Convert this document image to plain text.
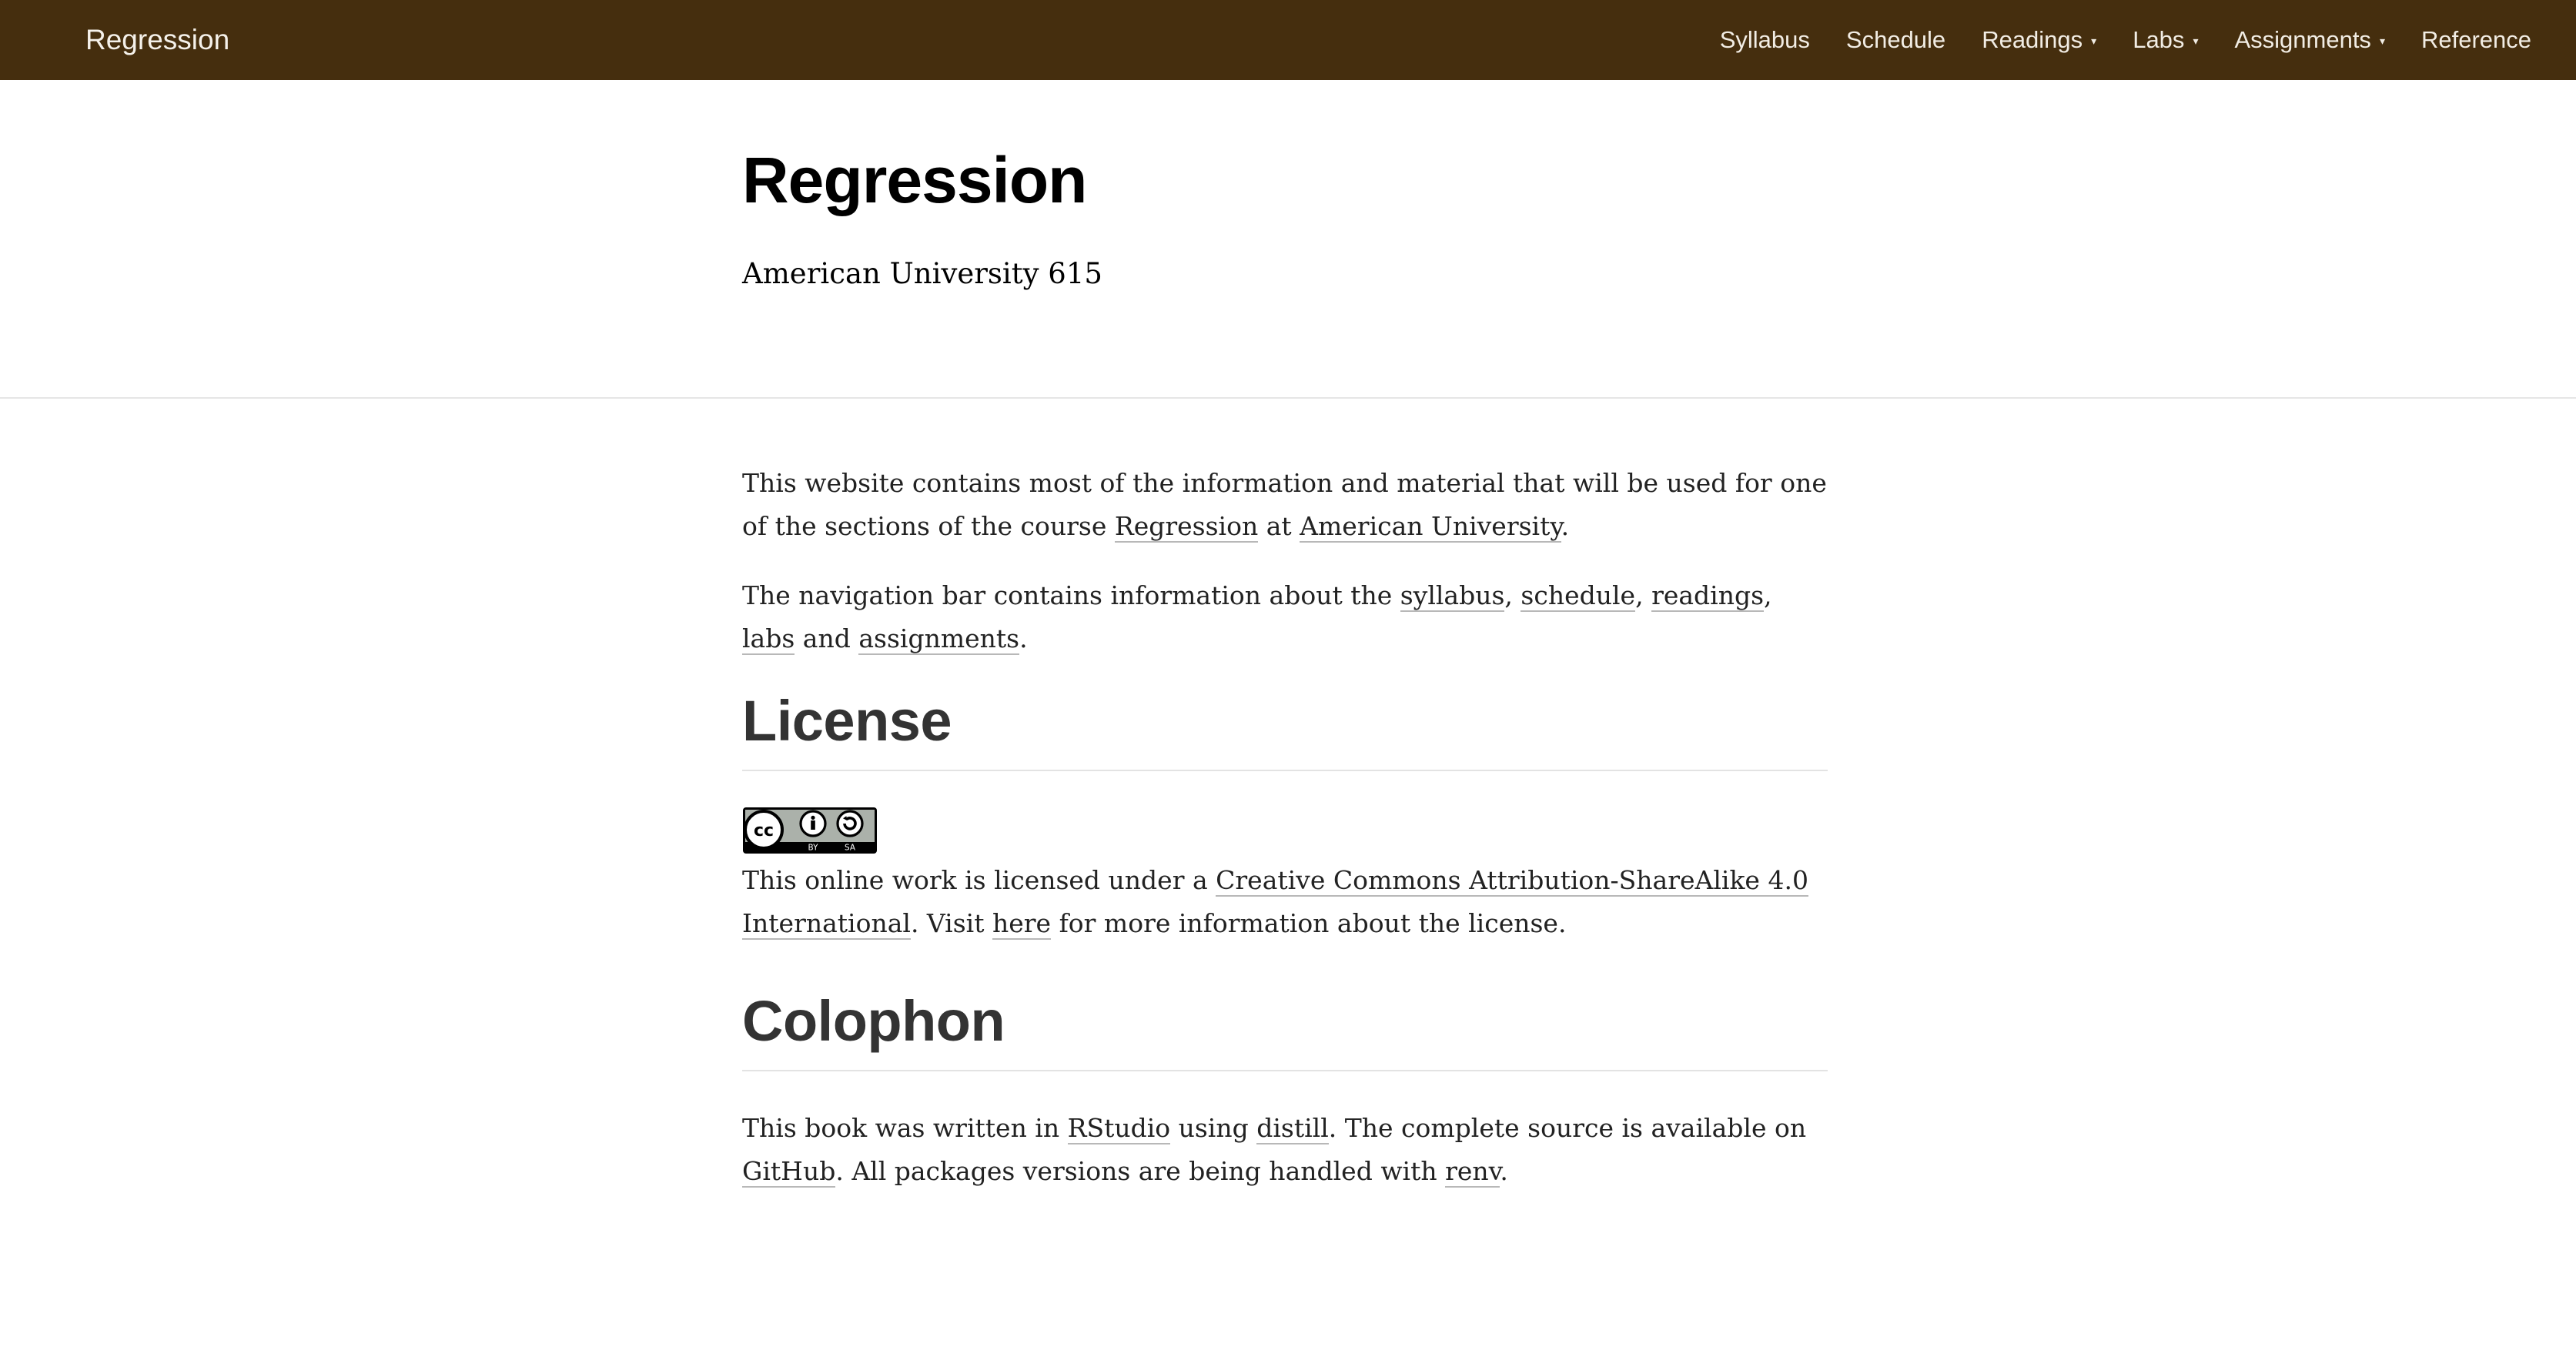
Regression	Syllabus Schedule Readings ▾ Labs ▾ Assignments ▾ Reference
Regression

American University 615

This website contains most of the information and material that will be used for one of the sections of the course Regression at American University.

The navigation bar contains information about the syllabus, schedule, readings, labs and assignments.

License
cc
BY	SA

This online work is licensed under a Creative Commons Attribution-ShareAlike 4.0 International. Visit here for more information about the license.

Colophon

This book was written in RStudio using distill. The complete source is available on GitHub. All packages versions are being handled with renv.
